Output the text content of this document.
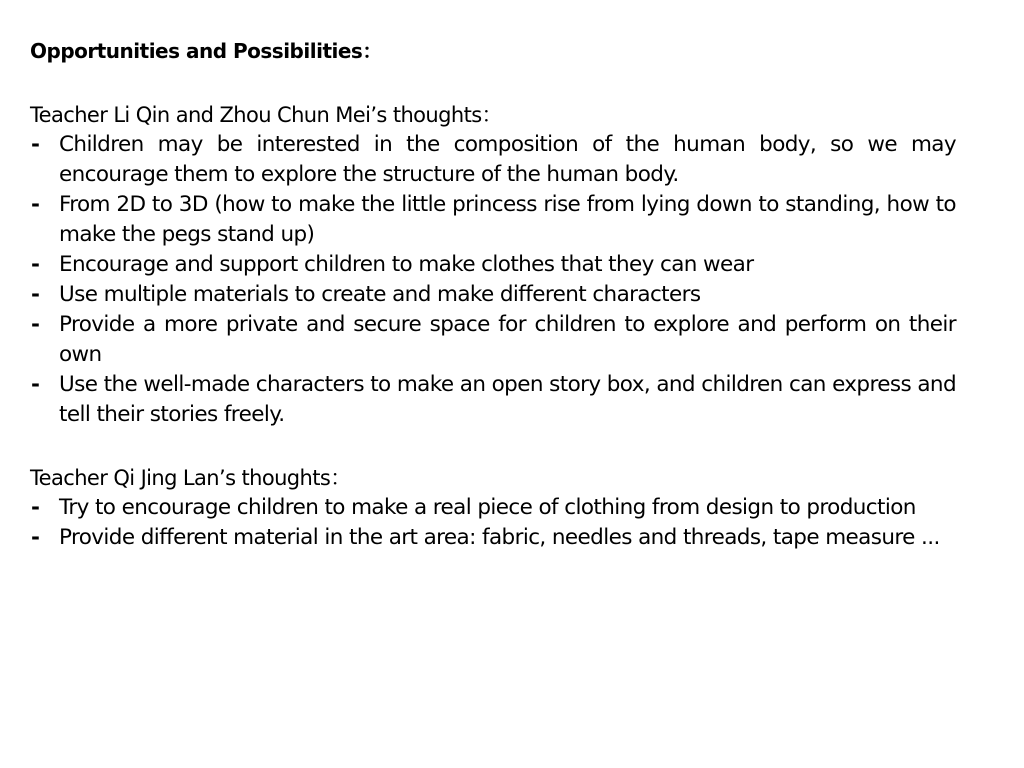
Opportunities and Possibilities：

Teacher Li Qin and Zhou Chun Mei’s thoughts：

- Children may be interested in the composition of the human body, so we may encourage them to explore the structure of the human body.
- From 2D to 3D (how to make the little princess rise from lying down to standing, how to make the pegs stand up)
- Encourage and support children to make clothes that they can wear
- Use multiple materials to create and make different characters
- Provide a more private and secure space for children to explore and perform on their own
- Use the well-made characters to make an open story box, and children can express and tell their stories freely.

Teacher Qi Jing Lan’s thoughts：

- Try to encourage children to make a real piece of clothing from design to production
- Provide different material in the art area: fabric, needles and threads, tape measure ...
